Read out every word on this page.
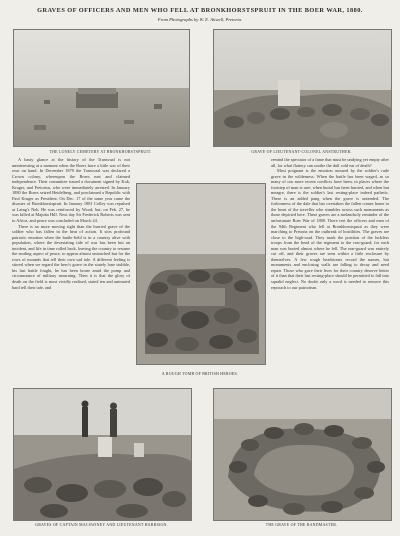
GRAVES OF OFFICERS AND MEN WHO FELL AT BRONKHORSTSPRUIT IN THE BOER WAR, 1880.
From Photographs by W. E. Aitwell, Pretoria.
THE LONELY CEMETERY AT BRONKHORSTSPRUIT.	GRAVE OF LIEUTENANT-COLONEL ANSTRUTHER.

A hasty glance at the history of the Transvaal is not uninteresting at a moment when the Boers have a little war of their own on hand. In December 1879 the Transvaal was declared a Crown colony, whereupon the Boers met and claimed independence. Their committee issued a document signed by Kok, Kruger, and Pretorius, who were immediately arrested. In January 1880 the Boers seized Heidelberg, and proclaimed a Republic with Paul Kruger as President. On Dec. 17 of the same year came the disaster of Bronkhorstspruit. In January 1881 Colley was repulsed at Laing's Nek. He was reinforced by Wood; but, on Feb. 27, he was killed at Majuba Hill. Next day Sir Frederick Roberts was sent to Africa, and peace was concluded on March 24.

There is no more moving sight than the hurried grave of the soldier who has fallen in the heat of action. It stirs profound patriotic emotion when the battle-field is in a country alive with population, where the devastating tide of war has been but an incident, and life in time rolled back, leaving the country to resume the smiling aspect of peace, to appear almost untouched but for the rows of mounds that tell their own sad tale. A different feeling is stirred when we regard the hero's grave in the stately lone stubble, his last battle fought, he has been borne amid the pomp and circumstance of military mourning. Then it is that the glory of death on the field is most vividly realised, stated ten and animated hard tell their tale, and

A ROUGH TOMB OF BRITISH HEROES.

remind the spectator of a fame that must be undying yet empty after all, for what flattery can soothe the dull cold ear of death?

Most poignant is the emotion aroused by the soldier's rude grave in the wilderness. When the battle has been waged, as so many of our more recent conflicts have been, in places where the footstep of man is rare, when burial has been hurried, and when but meagre, there is the soldier's last resting-place indeed pathetic. There is an added pang when the grave is untended. The forlornness of the dale that has overtaken the fallen comes home to the heart of the traveller who stumbles across such monuments as those depicted here. These graves are a melancholy reminder of the unfortunate Boer War of 1880. There rest the officers and men of the 94th Regiment who fell at Bronkhorstspruit as they were marching to Pretoria on the outbreak of hostilities. The graves are close to the high-road. They mark the position of the luckless troops from the head of the regiment to the rear-guard; for each man was buried almost where he fell. The rear-guard was entirely cut off, and their graves are seen within a little enclosure by themselves. A few rough headstones record the names, but monuments and enclosing walls are falling to decay and need repair. Those who gave their lives for their country deserve better of it than that their last resting-place should be permitted to fall into squalid neglect. No doubt only a word is needed to remove this reproach to our patriotism.

GRAVES OF CAPTAIN MACSWINEY AND LIEUTENANT HARRISON.	THE GRAVE OF THE BANDMASTER.
